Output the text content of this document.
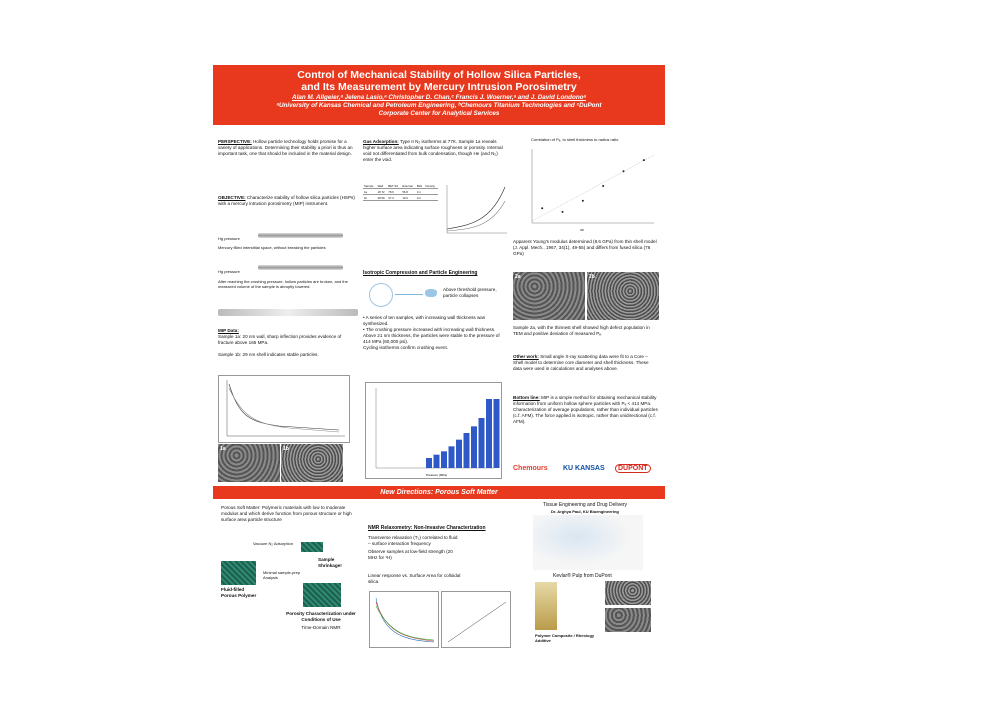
Control of Mechanical Stability of Hollow Silica Particles,
and Its Measurement by Mercury Intrusion Porosimetry
Alan M. Allgeier,ᵃ Jelena Lasio,ᵃ Christopher D. Chan,ᶜ Francis J. Woerner,ᵃ and J. David Londonoᵃ
ᵃUniversity of Kansas Chemical and Petroleum Engineering, ᵇChemours Titanium Technologies and ᶜDuPont
Corporate Center for Analytical Services
PERSPECTIVE: Hollow particle technology holds promise for a variety of applications. Determining their stability a priori is thus an important task, one that should be included in the material design.
OBJECTIVE: Characterize stability of hollow silica particles (HSPs) with a mercury intrusion porosimetry (MIP) instrument.
Hg pressure
Mercury filled interstitial space, without breaking the particles
Hg pressure
After reaching the crushing pressure, hollow particles are broken, and the measured volume of the sample is abruptly lowered.
MIP Data:
Sample 1a: 20 nm wall, sharp inflection provides evidence of fracture above 165 MPa.
Sample 1b: 29 nm shell indicates stable particles.
1a	1b
Gas Adsorption: Type II N₂ isotherms at 77K. Sample 1a reveals higher surface area indicating surface roughness or porosity. Internal void not differentiated from bulk condensation, though He (and N₂) enter the void.
Sample	Wall	BET SA	External	BJH	Density
1a	18.72	78.6	56.8	0.1	
1b	28.59	37.3	19.0	0.2	
Isotropic Compression and Particle Engineering
Above threshold pressure, particle collapses
• A series of ten samples, with increasing wall thickness was synthesized.
• The crushing pressure increased with increasing wall thickness.
Above 21 nm thickness, the particles were stable to the pressure of 414 MPa (60,000 psi).
Cycling isotherms confirm crushing event.
Pressure (MPa)
Correlation of Pₑ, to shell thickness to radius ratio
t/R
Apparent Young's modulus determined (8.6 GPa) from thin shell model (J. Appl. Mech., 1967, 34(1), 49-55) and differs from fused silica (76 GPa)
2a	2b
Sample 2a, with the thinnest shell showed high defect population in TEM and positive deviation of measured Pₑ.
Other work: Small angle X-ray scattering data were fit to a Core – Shell model to determine core diameter and shell thickness. These data were used in calculations and analyses above.
Bottom line: MIP is a simple method for obtaining mechanical stability information from uniform hollow sphere particles with Pₑ < 414 MPa. Characterization of average populations, rather than individual particles (c.f. AFM). The force applied is isotropic, rather than unidirectional (c.f. AFM).
Chemours KU KANSAS	DUPONT
New Directions: Porous Soft Matter
Porous Soft Matter: Polymeric materials with low to moderate modulus and which derive function from porous structure or high surface area particle structure
Vacuum N₂ Adsorption
Sample Shrinkage!
Minimal sample-prep Analysis
Fluid-filled Porous Polymer
Porosity Characterization under Conditions of Use
Time-Domain NMR
NMR Relaxometry: Non-Invasive Characterization
Transverse relaxation (T₂) correlated to fluid – surface interaction frequency
Observe samples at low-field strength (20 MHz for ¹H)
Linear response vs. Surface Area for colloidal silica
Tissue Engineering and Drug Delivery
Dr. Arghya Paul, KU Bioengineering
Kevlar® Pulp from DuPont
Polymer Composite / Rheology Additive
